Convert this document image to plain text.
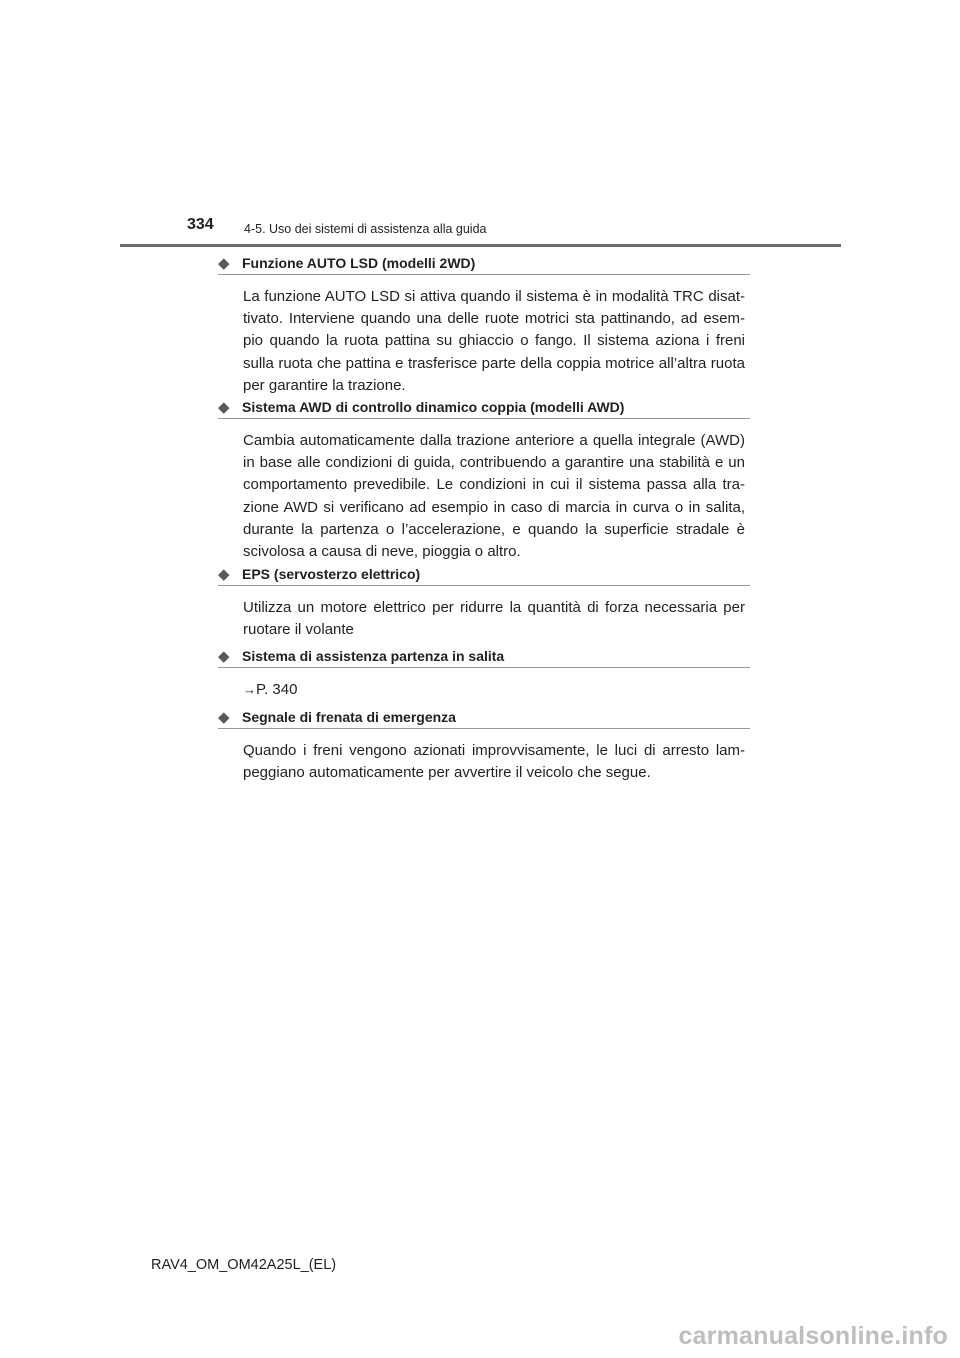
334 4-5. Uso dei sistemi di assistenza alla guida
◆ Funzione AUTO LSD (modelli 2WD)

La funzione AUTO LSD si attiva quando il sistema è in modalità TRC disat-tivato. Interviene quando una delle ruote motrici sta pattinando, ad esem-pio quando la ruota pattina su ghiaccio o fango. Il sistema aziona i freni sulla ruota che pattina e trasferisce parte della coppia motrice all’altra ruota per garantire la trazione.

◆ Sistema AWD di controllo dinamico coppia (modelli AWD)

Cambia automaticamente dalla trazione anteriore a quella integrale (AWD) in base alle condizioni di guida, contribuendo a garantire una stabilità e un comportamento prevedibile. Le condizioni in cui il sistema passa alla tra-zione AWD si verificano ad esempio in caso di marcia in curva o in salita, durante la partenza o l’accelerazione, e quando la superficie stradale è scivolosa a causa di neve, pioggia o altro.

◆ EPS (servosterzo elettrico)

Utilizza un motore elettrico per ridurre la quantità di forza necessaria per ruotare il volante

◆ Sistema di assistenza partenza in salita

→P. 340

◆ Segnale di frenata di emergenza

Quando i freni vengono azionati improvvisamente, le luci di arresto lam-peggiano automaticamente per avvertire il veicolo che segue.

RAV4_OM_OM42A25L_(EL)
carmanualsonline.info
